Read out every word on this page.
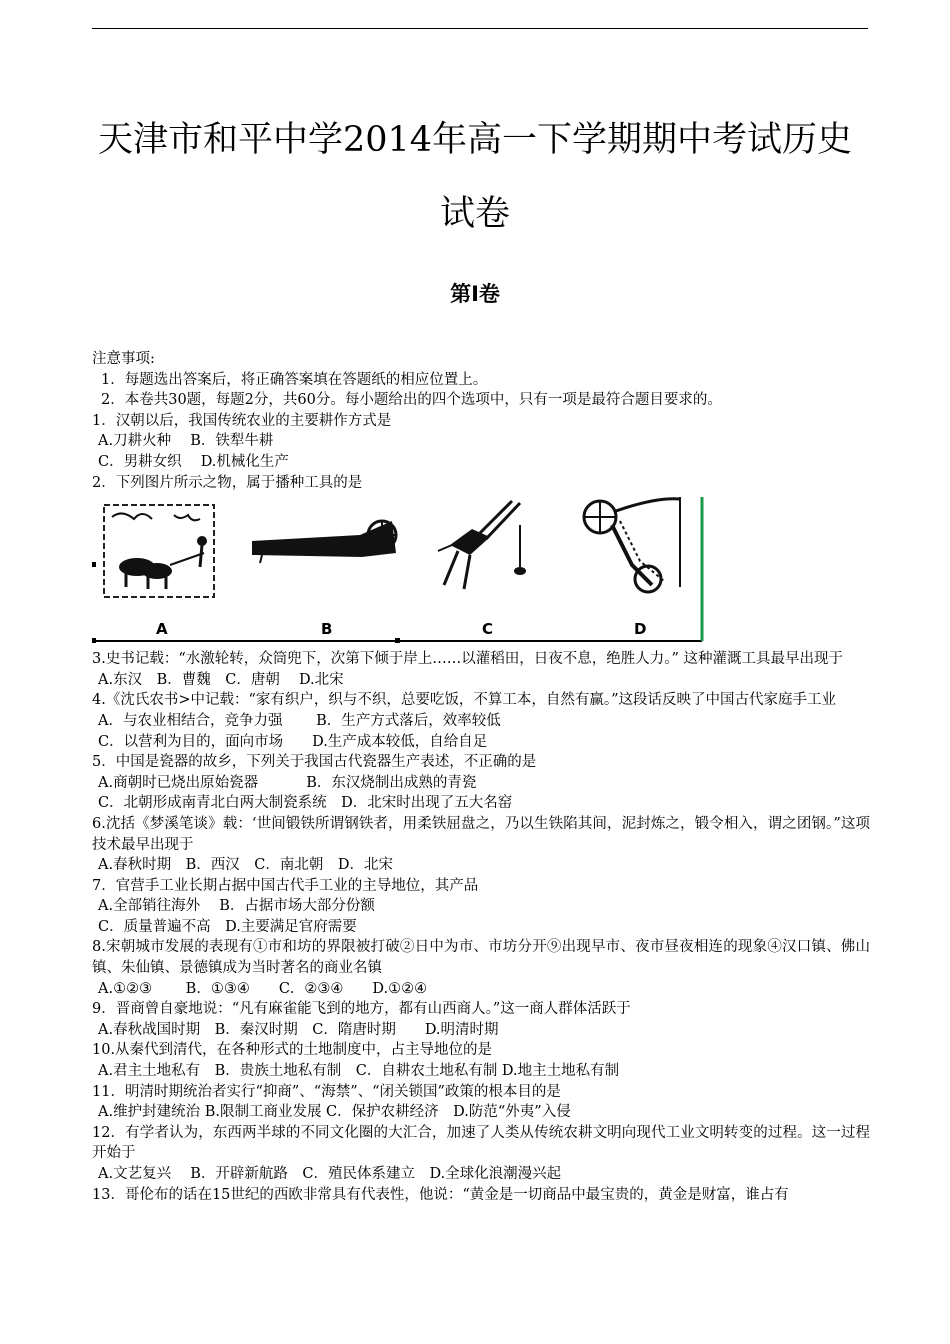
天津市和平中学2014年高一下学期期中考试历史
试卷
第Ⅰ卷
注意事项:
1．每题选出答案后，将正确答案填在答题纸的相应位置上。
2．本卷共30题，每题2分，共60分。每小题给出的四个选项中，只有一项是最符合题目要求的。
1．汉朝以后，我国传统农业的主要耕作方式是
A.刀耕火种　 B．铁犁牛耕
C．男耕女织　 D.机械化生产
2．下列图片所示之物，属于播种工具的是
A	B	C	D
3.史书记载：“水激轮转，众筒兜下，次第下倾于岸上……以灌稻田，日夜不息，绝胜人力。” 这种灌溉工具最早出现于
A.东汉　B．曹魏　C．唐朝　 D.北宋
4.《沈氏农书>中记载：“家有织户，织与不织，总要吃饭，不算工本，自然有赢。”这段话反映了中国古代家庭手工业
A．与农业相结合，竞争力强　　 B．生产方式落后，效率较低
C．以营利为目的，面向市场　　D.生产成本较低，自给自足
5．中国是瓷器的故乡，下列关于我国古代瓷器生产表述，不正确的是
A.商朝时已烧出原始瓷器　　　 B．东汉烧制出成熟的青瓷
C．北朝形成南青北白两大制瓷系统　D．北宋时出现了五大名窑
6.沈括《梦溪笔谈》载：‘世间锻铁所谓钢铁者，用柔铁屈盘之，乃以生铁陷其间，泥封炼之，锻令相入，谓之团钢。”这项技术最早出现于
A.春秋时期　B．西汉　C．南北朝　D．北宋
7．官营手工业长期占据中国古代手工业的主导地位，其产品
A.全部销往海外　 B．占据市场大部分份额
C．质量普遍不高　D.主要满足官府需要
8.宋朝城市发展的表现有①市和坊的界限被打破②日中为市、市坊分开⑨出现早市、夜市昼夜相连的现象④汉口镇、佛山镇、朱仙镇、景德镇成为当时著名的商业名镇
A.①②③　　 B．①③④　　C．②③④　　D.①②④
9．晋商曾自豪地说：“凡有麻雀能飞到的地方，都有山西商人。”这一商人群体活跃于
A.春秋战国时期　B．秦汉时期　C．隋唐时期　　D.明清时期
10.从秦代到清代，在各种形式的土地制度中，占主导地位的是
A.君主土地私有　B．贵族土地私有制　C．自耕农土地私有制 D.地主土地私有制
11．明清时期统治者实行“抑商”、“海禁”、“闭关锁国”政策的根本目的是
A.维护封建统治 B.限制工商业发展 C．保护农耕经济　D.防范“外夷”入侵
12．有学者认为，东西两半球的不同文化圈的大汇合，加速了人类从传统农耕文明向现代工业文明转变的过程。这一过程开始于
A.文艺复兴　 B．开辟新航路　C．殖民体系建立　D.全球化浪潮漫兴起
13．哥伦布的话在15世纪的西欧非常具有代表性，他说：“黄金是一切商品中最宝贵的，黄金是财富，谁占有
